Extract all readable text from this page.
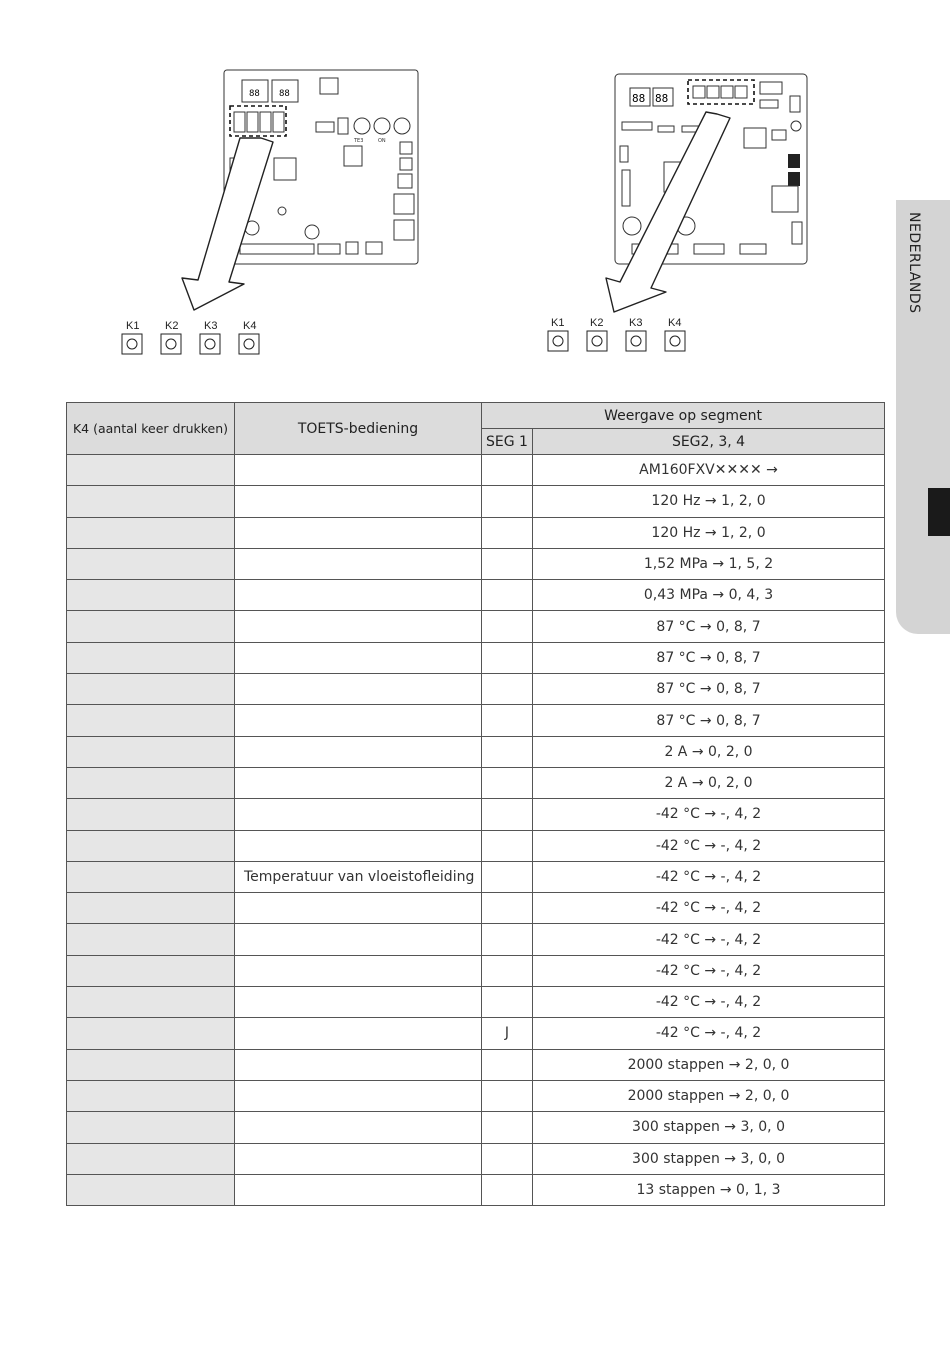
88 88
TE3	ON
K1 K2 K3 K4
88 88
K1 K2 K3 K4
NEDERLANDS
K4 (aantal keer drukken)	TOETS-bediening	Weergave op segment	
		SEG 1	SEG2, 3, 4
			AM160FXV✕✕✕✕ →
			120 Hz → 1, 2, 0
			120 Hz → 1, 2, 0
			1,52 MPa → 1, 5, 2
			0,43 MPa → 0, 4, 3
			87 °C → 0, 8, 7
			87 °C → 0, 8, 7
			87 °C → 0, 8, 7
			87 °C → 0, 8, 7
			2 A → 0, 2, 0
			2 A → 0, 2, 0
			-42 °C → -, 4, 2
			-42 °C → -, 4, 2
	Temperatuur van vloeistofleiding		-42 °C → -, 4, 2
			-42 °C → -, 4, 2
			-42 °C → -, 4, 2
			-42 °C → -, 4, 2
			-42 °C → -, 4, 2
		J	-42 °C → -, 4, 2
			2000 stappen → 2, 0, 0
			2000 stappen → 2, 0, 0
			300 stappen → 3, 0, 0
			300 stappen → 3, 0, 0
			13 stappen → 0, 1, 3
